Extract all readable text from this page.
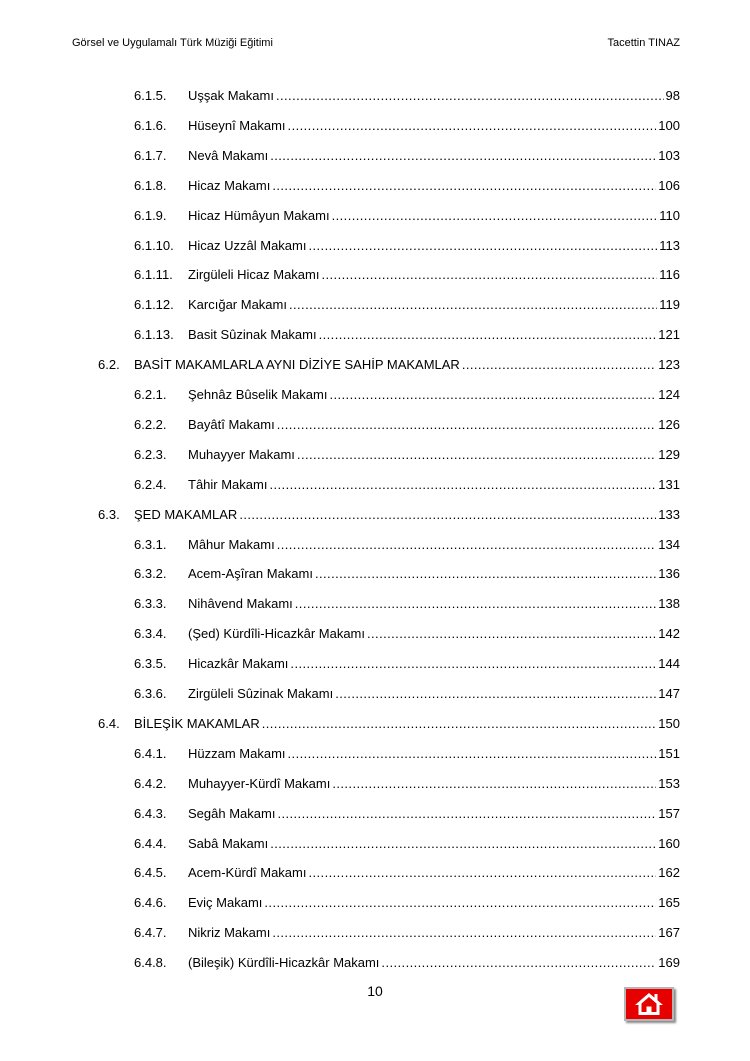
Görsel ve Uygulamalı Türk Müziği Eğitimi	Tacettin TINAZ
6.1.5.	Uşşak Makamı . . .	98
6.1.6.	Hüseynî Makamı . . .	100
6.1.7.	Nevâ Makamı . . .	103
6.1.8.	Hicaz Makamı . . .	106
6.1.9.	Hicaz Hümâyun Makamı . . .	110
6.1.10.	Hicaz Uzzâl Makamı . . .	113
6.1.11.	Zirgüleli Hicaz Makamı . . .	116
6.1.12.	Karcığar Makamı . . .	119
6.1.13.	Basit Sûzinak Makamı . . .	121
6.2.	BASİT MAKAMLARLA AYNI DİZİYE SAHİP MAKAMLAR . . .	123
6.2.1.	Şehnâz Bûselik Makamı . . .	124
6.2.2.	Bayâtî Makamı . . .	126
6.2.3.	Muhayyer Makamı . . .	129
6.2.4.	Tâhir Makamı . . .	131
6.3.	ŞED MAKAMLAR . . .	133
6.3.1.	Mâhur Makamı . . .	134
6.3.2.	Acem-Aşîran Makamı . . .	136
6.3.3.	Nihâvend Makamı . . .	138
6.3.4.	(Şed) Kürdîli-Hicazkâr Makamı . . .	142
6.3.5.	Hicazkâr Makamı . . .	144
6.3.6.	Zirgüleli Sûzinak Makamı . . .	147
6.4.	BİLEŞİK MAKAMLAR . . .	150
6.4.1.	Hüzzam Makamı . . .	151
6.4.2.	Muhayyer-Kürdî Makamı . . .	153
6.4.3.	Segâh Makamı . . .	157
6.4.4.	Sabâ Makamı . . .	160
6.4.5.	Acem-Kürdî Makamı . . .	162
6.4.6.	Eviç Makamı . . .	165
6.4.7.	Nikriz Makamı . . .	167
6.4.8.	(Bileşik) Kürdîli-Hicazkâr Makamı . . .	169
10
